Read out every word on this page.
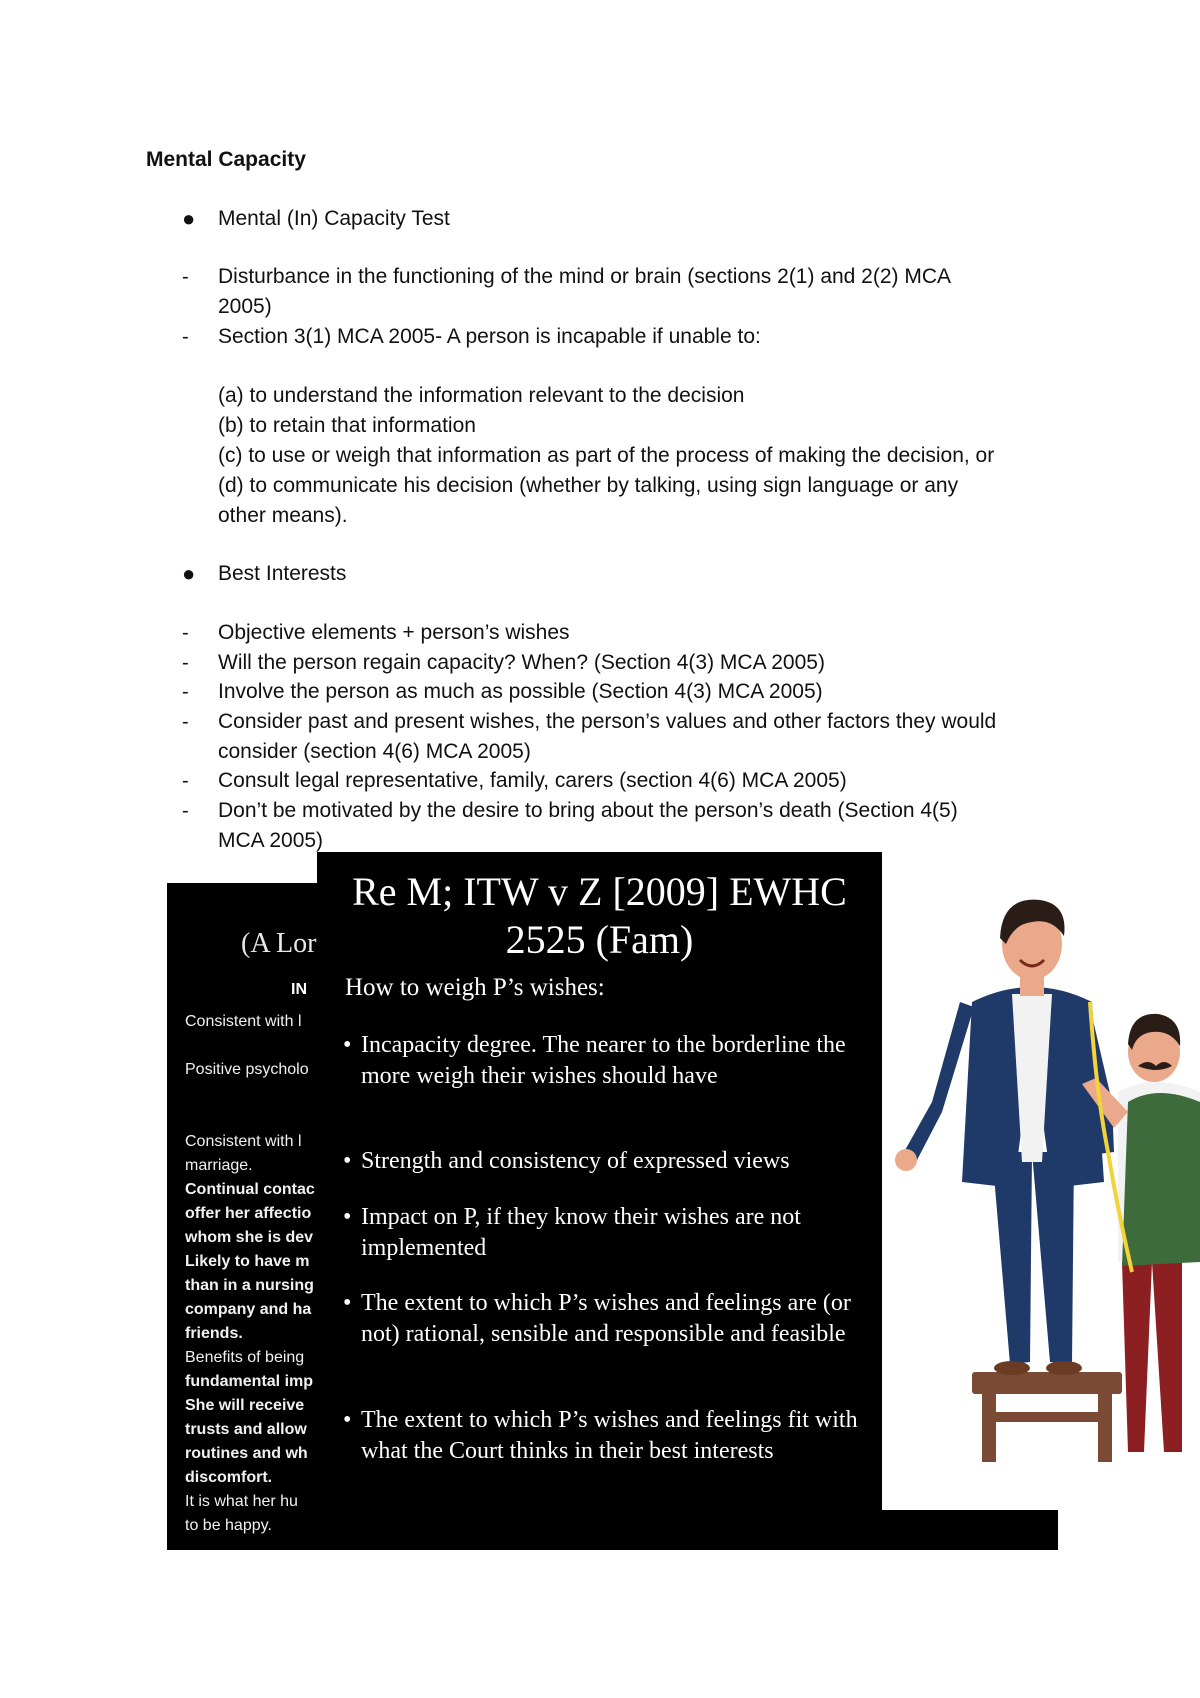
Mental Capacity
● Mental (In) Capacity Test
- Disturbance in the functioning of the mind or brain (sections 2(1) and 2(2) MCA
2005)
- Section 3(1) MCA 2005- A person is incapable if unable to:
(a) to understand the information relevant to the decision
(b) to retain that information
(c) to use or weigh that information as part of the process of making the decision, or
(d) to communicate his decision (whether by talking, using sign language or any
other means).
● Best Interests
- Objective elements + person’s wishes
- Will the person regain capacity? When? (Section 4(3) MCA 2005)
- Involve the person as much as possible (Section 4(3) MCA 2005)
- Consider past and present wishes, the person’s values and other factors they would
consider (section 4(6) MCA 2005)
- Consult legal representative, family, carers (section 4(6) MCA 2005)
- Don’t be motivated by the desire to bring about the person’s death (Section 4(5)
MCA 2005)
(A Lor
IN
Consistent with l
Positive psycholo
Consistent with l
marriage.
Continual contac
offer her affectio
whom she is dev
Likely to have m
than in a nursing
company and ha
friends.
Benefits of being
fundamental imp
She will receive
trusts and allow
routines and wh
discomfort.
It is what her hu
to be happy.
Re M; ITW v Z [2009] EWHC
2525 (Fam)
How to weigh P’s wishes:
• Incapacity degree. The nearer to the borderline the more weigh their wishes should have
• Strength and consistency of expressed views
• Impact on P, if they know their wishes are not implemented
• The extent to which P’s wishes and feelings are (or not) rational, sensible and responsible and feasible
• The extent to which P’s wishes and feelings fit with what the Court thinks in their best interests
